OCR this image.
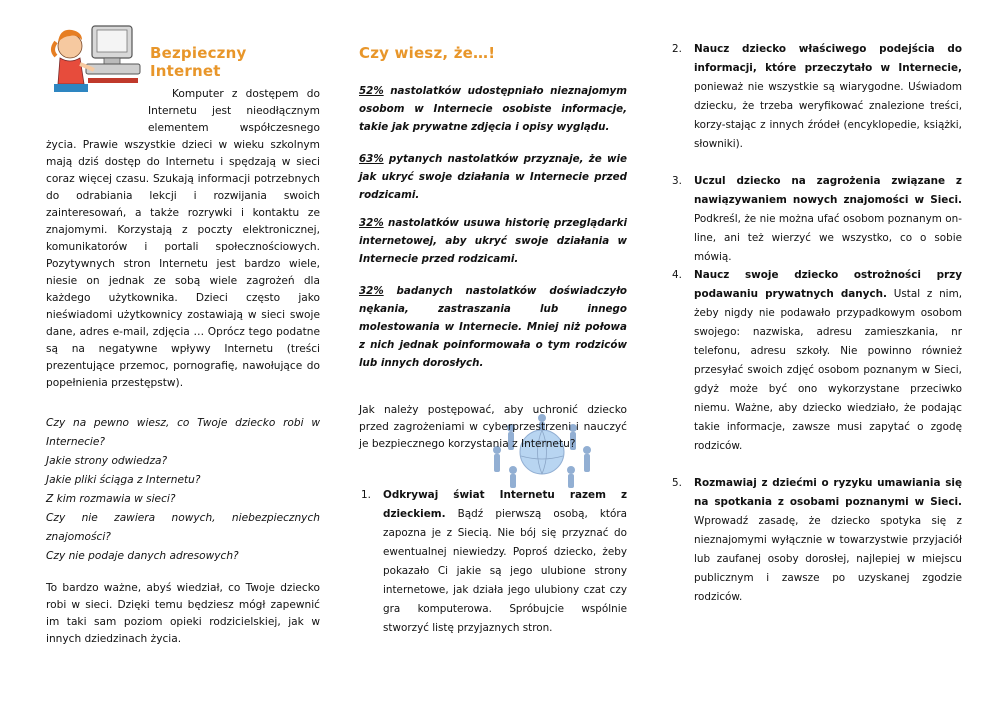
Bezpieczny Internet
Komputer z dostępem do Internetu jest nieodłącznym elementem współczesnego życia. Prawie wszystkie dzieci w wieku szkolnym mają dziś dostęp do Internetu i spędzają w sieci coraz więcej czasu. Szukają informacji potrzebnych do odrabiania lekcji i rozwijania swoich zainteresowań, a także rozrywki i kontaktu ze znajomymi. Korzystają z poczty elektronicznej, komunikatorów i portali społecznościowych. Pozytywnych stron Internetu jest bardzo wiele, niesie on jednak ze sobą wiele zagrożeń dla każdego użytkownika. Dzieci często jako nieświadomi użytkownicy zostawiają w sieci swoje dane, adres e-mail, zdjęcia … Oprócz tego podatne są na negatywne wpływy Internetu (treści prezentujące przemoc, pornografię, nawołujące do popełnienia przestępstw).
Czy na pewno wiesz, co Twoje dziecko robi w Internecie?
Jakie strony odwiedza?
Jakie pliki ściąga z Internetu?
Z kim rozmawia w sieci?
Czy nie zawiera nowych, niebezpiecznych znajomości?
Czy nie podaje danych adresowych?
To bardzo ważne, abyś wiedział, co Twoje dziecko robi w sieci. Dzięki temu będziesz mógł zapewnić im taki sam poziom opieki rodzicielskiej, jak w innych dziedzinach życia.
Czy wiesz, że…!
52% nastolatków udostępniało nieznajomym osobom w Internecie osobiste informacje, takie jak prywatne zdjęcia i opisy wyglądu.
63% pytanych nastolatków przyznaje, że wie jak ukryć swoje działania w Internecie przed rodzicami.
32% nastolatków usuwa historię przeglądarki internetowej, aby ukryć swoje działania w Internecie przed rodzicami.
32% badanych nastolatków doświadczyło nękania, zastraszania lub innego molestowania w Internecie. Mniej niż połowa z nich jednak poinformowała o tym rodziców lub innych dorosłych.
Jak należy postępować, aby uchronić dziecko przed zagrożeniami w cyberprzestrzeni i nauczyć je bezpiecznego korzystania z Internetu?
1. Odkrywaj świat Internetu razem z dzieckiem. Bądź pierwszą osobą, która zapozna je z Siecią. Nie bój się przyznać do ewentualnej niewiedzy. Poproś dziecko, żeby pokazało Ci jakie są jego ulubione strony internetowe, jak działa jego ulubiony czat czy gra komputerowa. Spróbujcie wspólnie stworzyć listę przyjaznych stron.
2. Naucz dziecko właściwego podejścia do informacji, które przeczytało w Internecie, ponieważ nie wszystkie są wiarygodne. Uświadom dziecku, że trzeba weryfikować znalezione treści, korzy-stając z innych źródeł (encyklopedie, książki, słowniki).
3. Uczul dziecko na zagrożenia związane z nawiązywaniem nowych znajomości w Sieci. Podkreśl, że nie można ufać osobom poznanym on-line, ani też wierzyć we wszystko, co o sobie mówią.
4. Naucz swoje dziecko ostrożności przy podawaniu prywatnych danych. Ustal z nim, żeby nigdy nie podawało przypadkowym osobom swojego: nazwiska, adresu zamieszkania, nr telefonu, adresu szkoły. Nie powinno również przesyłać swoich zdjęć osobom poznanym w Sieci, gdyż może być ono wykorzystane przeciwko niemu. Ważne, aby dziecko wiedziało, że podając takie informacje, zawsze musi zapytać o zgodę rodziców.
5. Rozmawiaj z dziećmi o ryzyku umawiania się na spotkania z osobami poznanymi w Sieci. Wprowadź zasadę, że dziecko spotyka się z nieznajomymi wyłącznie w towarzystwie przyjaciół lub zaufanej osoby dorosłej, najlepiej w miejscu publicznym i zawsze po uzyskanej zgodzie rodziców.
